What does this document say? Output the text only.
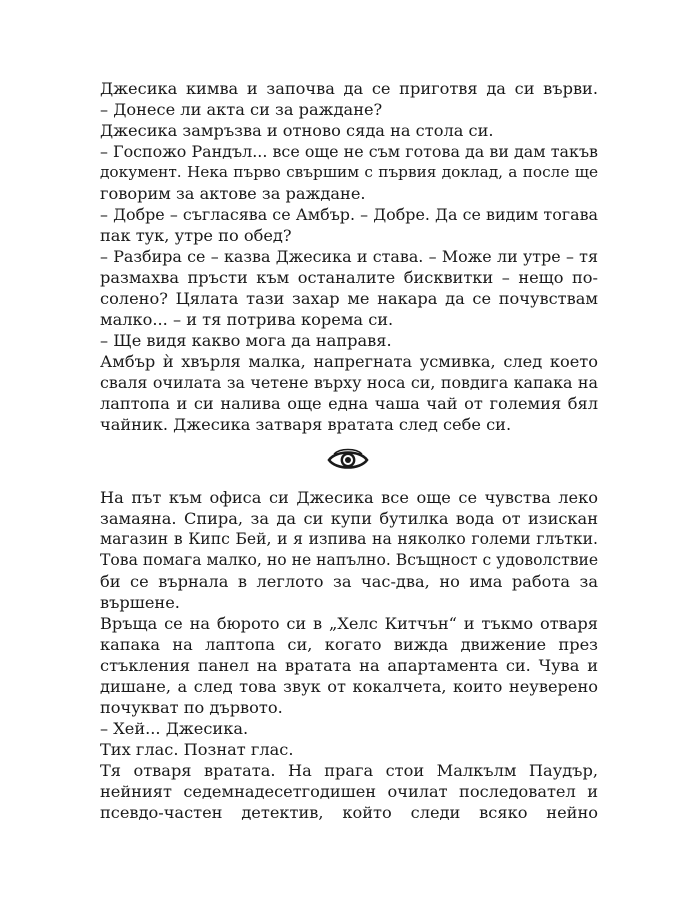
Джесика кимва и започва да се приготвя да си върви.
– Донесе ли акта си за раждане?
Джесика замръзва и отново сяда на стола си.
– Госпожо Рандъл... все още не съм готова да ви дам такъв
документ. Нека първо свършим с първия доклад, а после ще
говорим за актове за раждане.
– Добре – съгласява се Амбър. – Добре. Да се видим тогава
пак тук, утре по обед?
– Разбира се – казва Джесика и става. – Може ли утре – тя
размахва пръсти към останалите бисквитки – нещо по-
солено? Цялата тази захар ме накара да се почувствам
малко... – и тя потрива корема си.
– Ще видя какво мога да направя.
Амбър ѝ хвърля малка, напрегната усмивка, след което
сваля очилата за четене върху носа си, повдига капака на
лаптопа и си налива още една чаша чай от големия бял
чайник. Джесика затваря вратата след себе си.
На път към офиса си Джесика все още се чувства леко
замаяна. Спира, за да си купи бутилка вода от изискан
магазин в Кипс Бей, и я изпива на няколко големи глътки.
Това помага малко, но не напълно. Всъщност с удоволствие
би се върнала в леглото за час-два, но има работа за
вършене.
Връща се на бюрото си в „Хелс Китчън“ и тъкмо отваря
капака на лаптопа си, когато вижда движение през
стъкления панел на вратата на апартамента си. Чува и
дишане, а след това звук от кокалчета, които неуверено
почукват по дървото.
– Хей... Джесика.
Тих глас. Познат глас.
Тя отваря вратата. На прага стои Малкълм Паудър,
нейният седемнадесетгодишен очилат последовател и
псевдо-частен детектив, който следи всяко нейно
